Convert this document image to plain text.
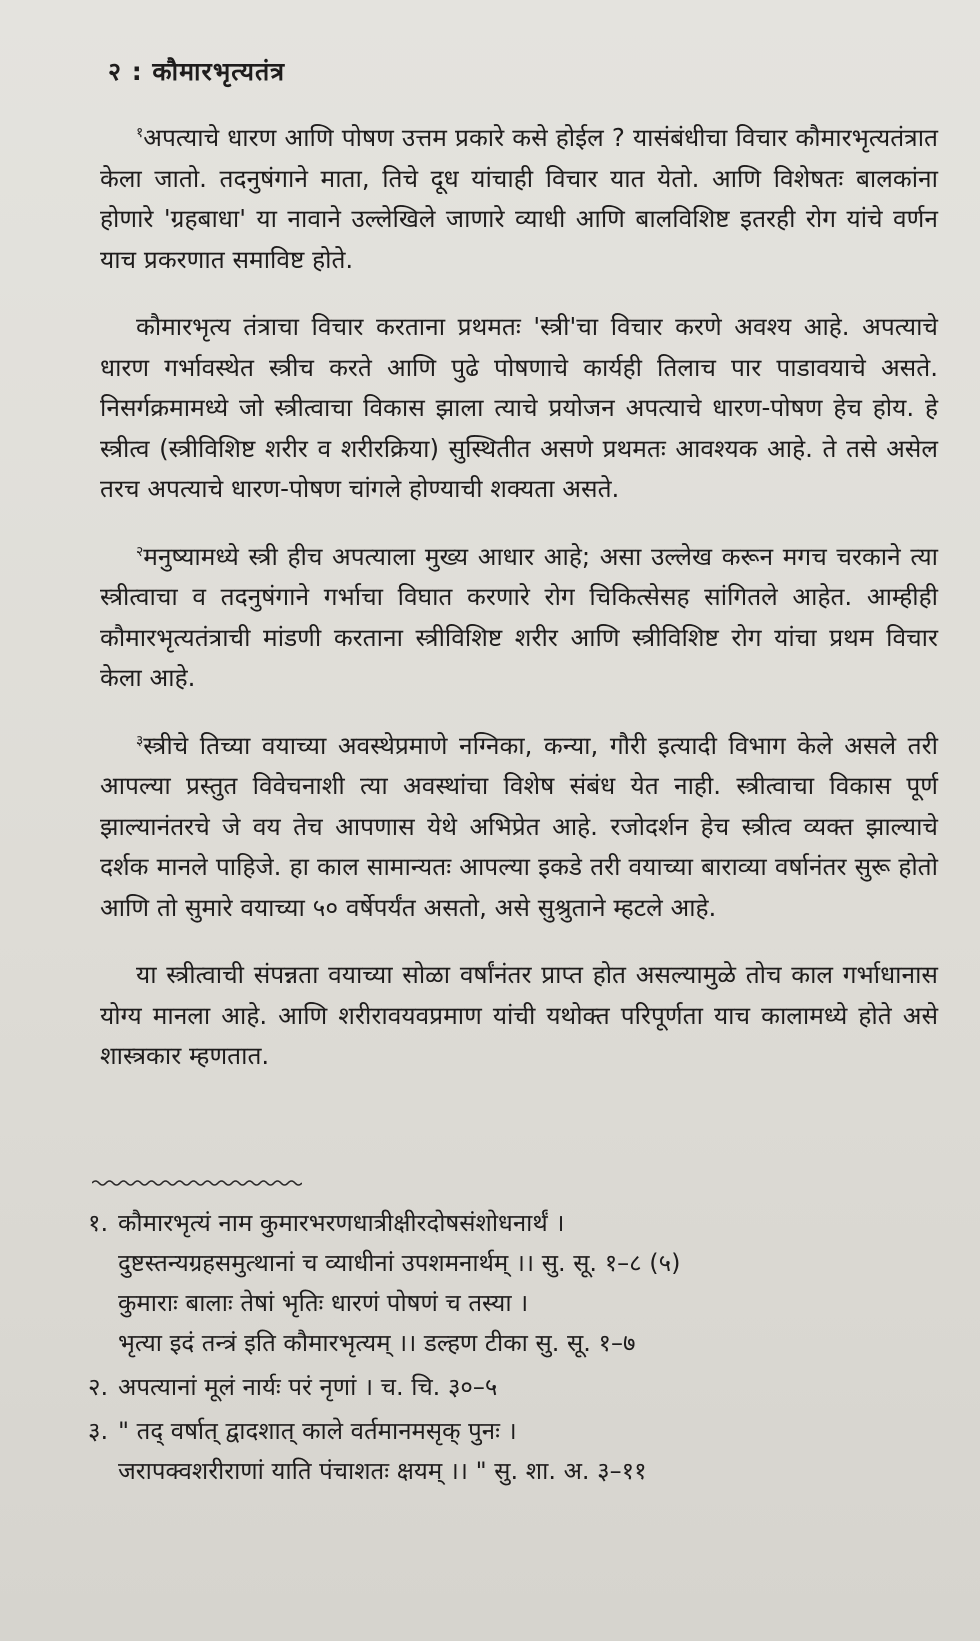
२ : कौमारभृत्यतंत्र

$^१$अपत्याचे धारण आणि पोषण उत्तम प्रकारे कसे होईल ? यासंबंधीचा विचार कौमारभृत्यतंत्रात केला जातो. तदनुषंगाने माता, तिचे दूध यांचाही विचार यात येतो. आणि विशेषतः बालकांना होणारे 'ग्रहबाधा' या नावाने उल्लेखिले जाणारे व्याधी आणि बालविशिष्ट इतरही रोग यांचे वर्णन याच प्रकरणात समाविष्ट होते.

कौमारभृत्य तंत्राचा विचार करताना प्रथमतः 'स्त्री'चा विचार करणे अवश्य आहे. अपत्याचे धारण गर्भावस्थेत स्त्रीच करते आणि पुढे पोषणाचे कार्यही तिलाच पार पाडावयाचे असते. निसर्गक्रमामध्ये जो स्त्रीत्वाचा विकास झाला त्याचे प्रयोजन अपत्याचे धारण-पोषण हेच होय. हे स्त्रीत्व (स्त्रीविशिष्ट शरीर व शरीरक्रिया) सुस्थितीत असणे प्रथमतः आवश्यक आहे. ते तसे असेल तरच अपत्याचे धारण-पोषण चांगले होण्याची शक्यता असते.

$^२$मनुष्यामध्ये स्त्री हीच अपत्याला मुख्य आधार आहे; असा उल्लेख करून मगच चरकाने त्या स्त्रीत्वाचा व तदनुषंगाने गर्भाचा विघात करणारे रोग चिकित्सेसह सांगितले आहेत. आम्हीही कौमारभृत्यतंत्राची मांडणी करताना स्त्रीविशिष्ट शरीर आणि स्त्रीविशिष्ट रोग यांचा प्रथम विचार केला आहे.

$^३$स्त्रीचे तिच्या वयाच्या अवस्थेप्रमाणे नग्निका, कन्या, गौरी इत्यादी विभाग केले असले तरी आपल्या प्रस्तुत विवेचनाशी त्या अवस्थांचा विशेष संबंध येत नाही. स्त्रीत्वाचा विकास पूर्ण झाल्यानंतरचे जे वय तेच आपणास येथे अभिप्रेत आहे. रजोदर्शन हेच स्त्रीत्व व्यक्त झाल्याचे दर्शक मानले पाहिजे. हा काल सामान्यतः आपल्या इकडे तरी वयाच्या बाराव्या वर्षानंतर सुरू होतो आणि तो सुमारे वयाच्या ५० वर्षेपर्यंत असतो, असे सुश्रुताने म्हटले आहे.

या स्त्रीत्वाची संपन्नता वयाच्या सोळा वर्षांनंतर प्राप्त होत असल्यामुळे तोच काल गर्भाधानास योग्य मानला आहे. आणि शरीरावयवप्रमाण यांची यथोक्त परिपूर्णता याच कालामध्ये होते असे शास्त्रकार म्हणतात.

१. कौमारभृत्यं नाम कुमारभरणधात्रीक्षीरदोषसंशोधनार्थं ।
दुष्टस्तन्यग्रहसमुत्थानां च व्याधीनां उपशमनार्थम् ।। सु. सू. १–८ (५)
कुमाराः बालाः तेषां भृतिः धारणं पोषणं च तस्या ।
भृत्या इदं तन्त्रं इति कौमारभृत्यम् ।। डल्हण टीका सु. सू. १–७
२. अपत्यानां मूलं नार्यः परं नृणां । च. चि. ३०–५
३. " तद् वर्षात् द्वादशात् काले वर्तमानमसृक् पुनः ।
जरापक्वशरीराणां याति पंचाशतः क्षयम् ।। " सु. शा. अ. ३–११
